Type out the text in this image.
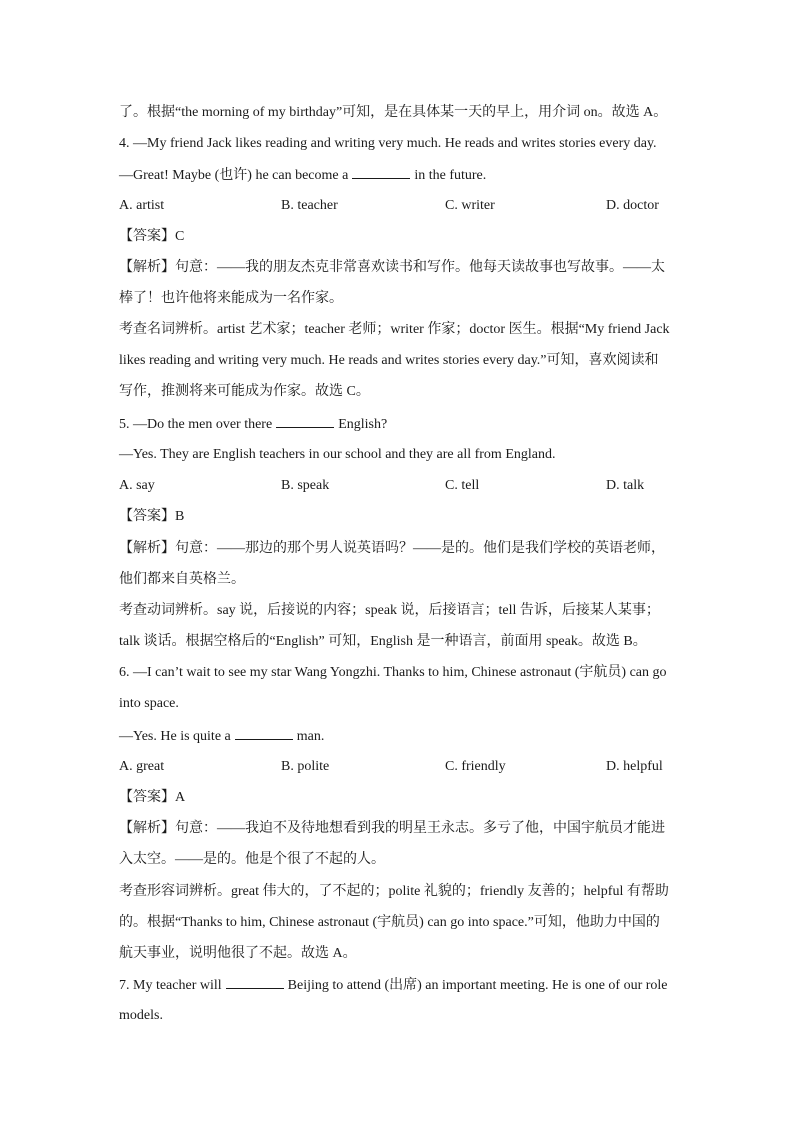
了。根据“the morning of my birthday”可知，是在具体某一天的早上，用介词 on。故选 A。
4. —My friend Jack likes reading and writing very much. He reads and writes stories every day.
—Great! Maybe (也许) he can become a	in the future.
A. artist	B. teacher	C. writer	D. doctor
【答案】C
【解析】句意：——我的朋友杰克非常喜欢读书和写作。他每天读故事也写故事。——太
棒了！也许他将来能成为一名作家。
考查名词辨析。artist 艺术家；teacher 老师；writer 作家；doctor 医生。根据“My friend Jack
likes reading and writing very much. He reads and writes stories every day.”可知，喜欢阅读和
写作，推测将来可能成为作家。故选 C。
5. —Do the men over there	English?
—Yes. They are English teachers in our school and they are all from England.
A. say	B. speak	C. tell	D. talk
【答案】B
【解析】句意：——那边的那个男人说英语吗？——是的。他们是我们学校的英语老师，
他们都来自英格兰。
考查动词辨析。say 说，后接说的内容；speak 说，后接语言；tell 告诉，后接某人某事；
talk 谈话。根据空格后的“English” 可知，English 是一种语言，前面用 speak。故选 B。
6. —I can’t wait to see my star Wang Yongzhi. Thanks to him, Chinese astronaut (宇航员) can go
into space.
—Yes. He is quite a	man.
A. great	B. polite	C. friendly	D. helpful
【答案】A
【解析】句意：——我迫不及待地想看到我的明星王永志。多亏了他，中国宇航员才能进
入太空。——是的。他是个很了不起的人。
考查形容词辨析。great 伟大的，了不起的；polite 礼貌的；friendly 友善的；helpful 有帮助
的。根据“Thanks to him, Chinese astronaut (宇航员) can go into space.”可知，他助力中国的
航天事业，说明他很了不起。故选 A。
7. My teacher will	Beijing to attend (出席) an important meeting. He is one of our role
models.
